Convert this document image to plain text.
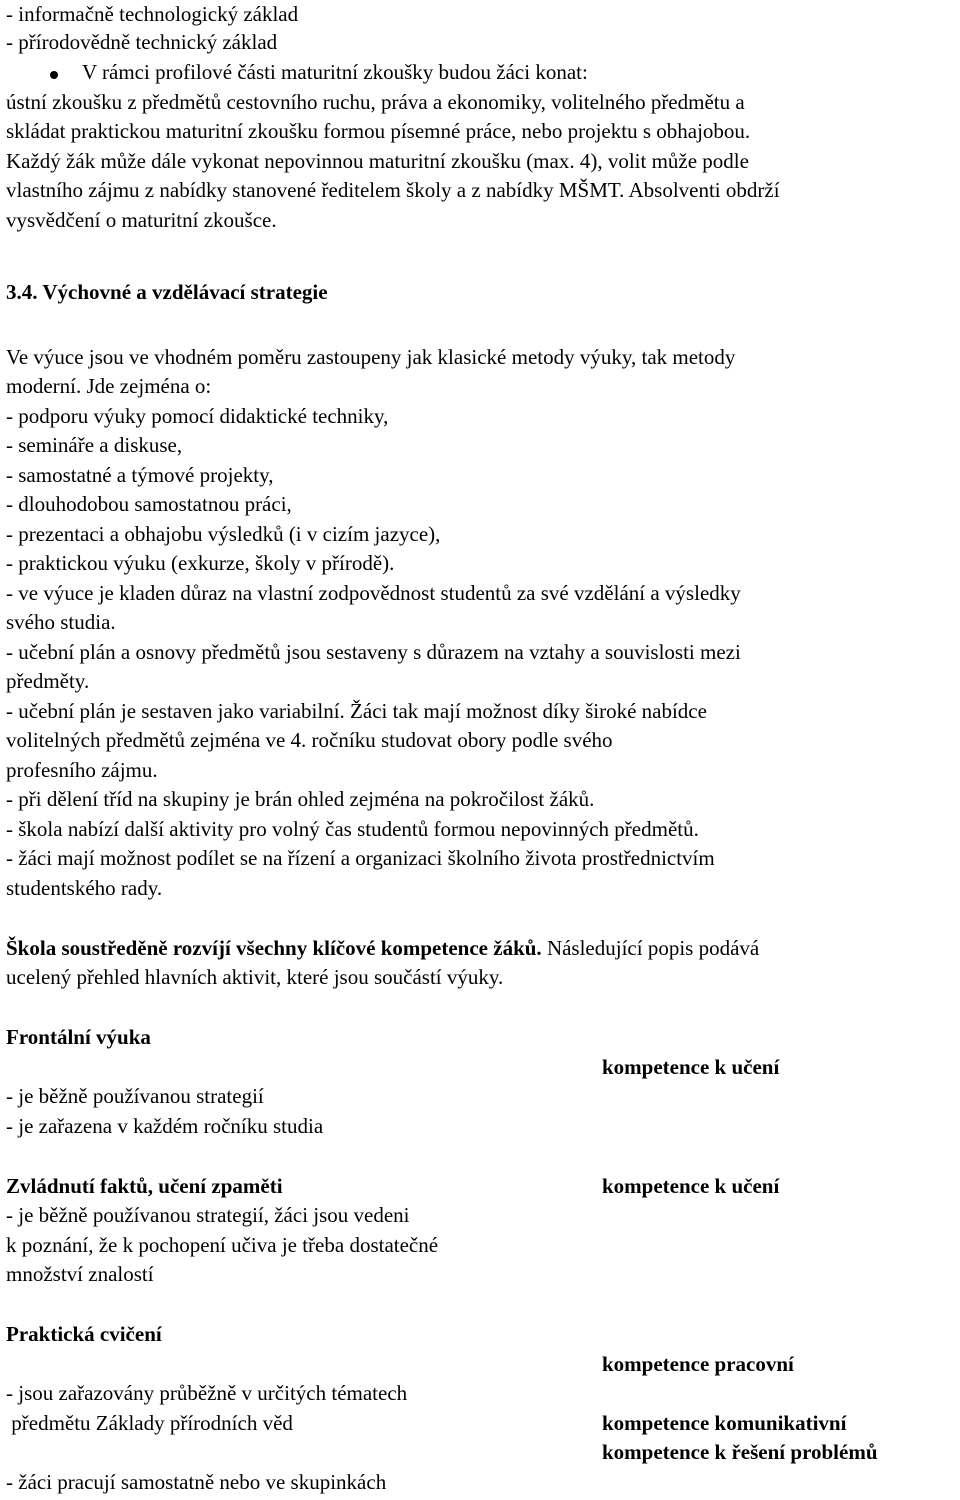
- informačně technologický základ
- přírodovědně technický základ
V rámci profilové části maturitní zkoušky budou žáci konat:
ústní zkoušku z předmětů cestovního ruchu, práva a ekonomiky, volitelného předmětu a
skládat praktickou maturitní zkoušku formou písemné práce, nebo projektu s obhajobou.
Každý žák může dále vykonat nepovinnou maturitní zkoušku (max. 4), volit může podle
vlastního zájmu z nabídky stanovené ředitelem školy a z nabídky MŠMT. Absolventi obdrží
vysvědčení o maturitní zkoušce.
3.4. Výchovné a vzdělávací strategie
Ve výuce jsou ve vhodném poměru zastoupeny jak klasické metody výuky, tak metody
moderní. Jde zejména o:
- podporu výuky pomocí didaktické techniky,
- semináře a diskuse,
- samostatné a týmové projekty,
- dlouhodobou samostatnou práci,
- prezentaci a obhajobu výsledků (i v cizím jazyce),
- praktickou výuku (exkurze, školy v přírodě).
- ve výuce je kladen důraz na vlastní zodpovědnost studentů za své vzdělání a výsledky
svého studia.
- učební plán a osnovy předmětů jsou sestaveny s důrazem na vztahy a souvislosti mezi
předměty.
- učební plán je sestaven jako variabilní. Žáci tak mají možnost díky široké nabídce
volitelných předmětů zejména ve 4. ročníku studovat obory podle svého
profesního zájmu.
- při dělení tříd na skupiny je brán ohled zejména na pokročilost žáků.
- škola nabízí další aktivity pro volný čas studentů formou nepovinných předmětů.
- žáci mají možnost podílet se na řízení a organizaci školního života prostřednictvím
studentského rady.
Škola soustředěně rozvíjí všechny klíčové kompetence žáků. Následující popis podává
ucelený přehled hlavních aktivit, které jsou součástí výuky.
Frontální výuka
kompetence k učení
- je běžně používanou strategií
- je zařazena v každém ročníku studia
Zvládnutí faktů, učení zpaměti	kompetence k učení
- je běžně používanou strategií, žáci jsou vedeni
k poznání, že k pochopení učiva je třeba dostatečné
množství znalostí
Praktická cvičení
kompetence pracovní
- jsou zařazovány průběžně v určitých tématech
předmětu Základy přírodních věd	kompetence komunikativní
kompetence k řešení problémů
- žáci pracují samostatně nebo ve skupinkách
